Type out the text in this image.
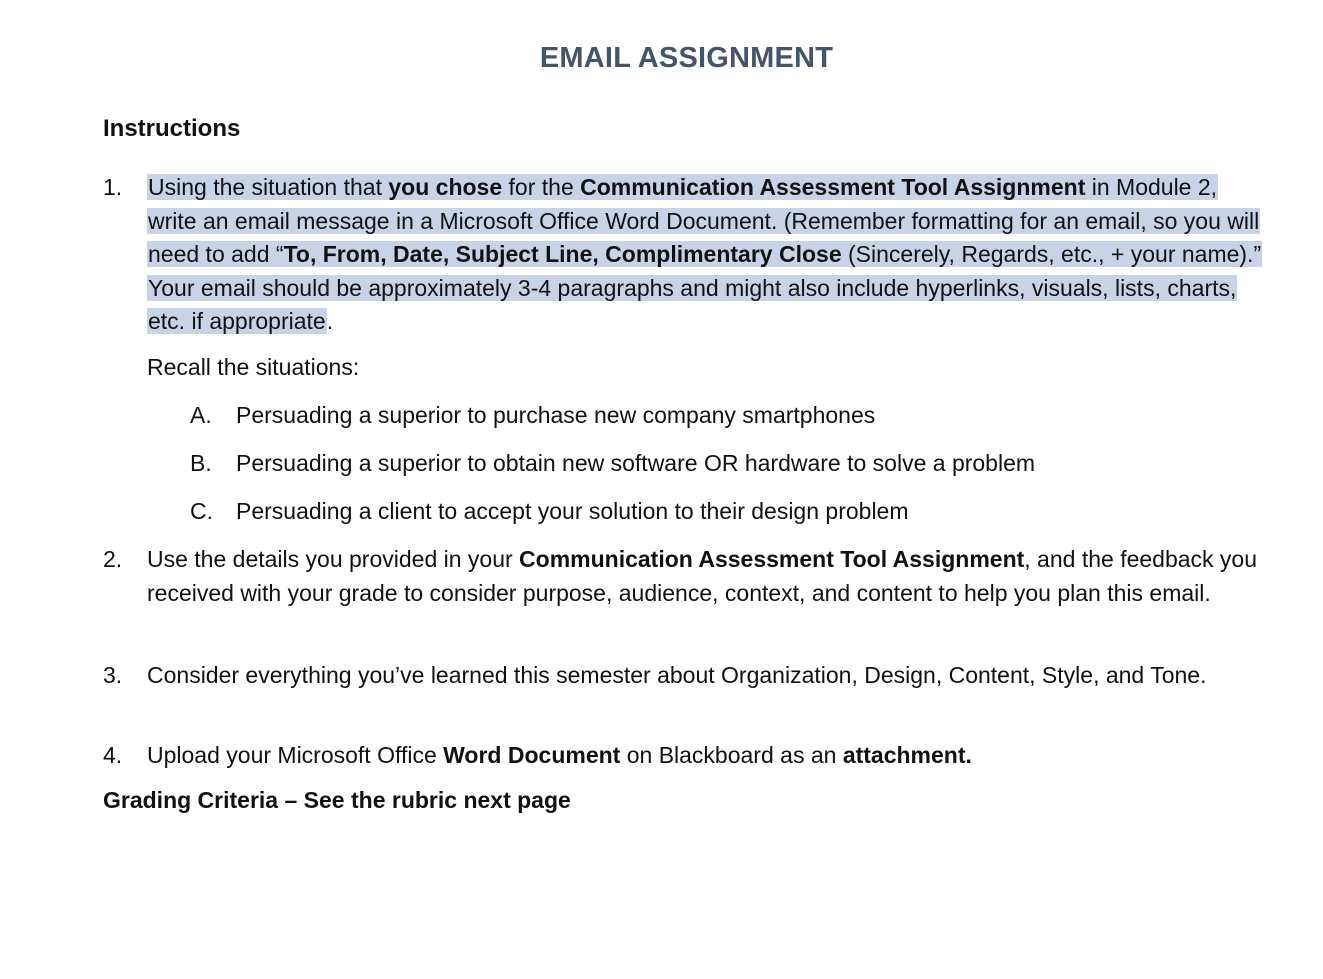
EMAIL ASSIGNMENT
Instructions
1. Using the situation that you chose for the Communication Assessment Tool Assignment in Module 2, write an email message in a Microsoft Office Word Document. (Remember formatting for an email, so you will need to add “To, From, Date, Subject Line, Complimentary Close (Sincerely, Regards, etc., + your name).” Your email should be approximately 3-4 paragraphs and might also include hyperlinks, visuals, lists, charts, etc. if appropriate.
Recall the situations:
A. Persuading a superior to purchase new company smartphones
B. Persuading a superior to obtain new software OR hardware to solve a problem
C. Persuading a client to accept your solution to their design problem
2. Use the details you provided in your Communication Assessment Tool Assignment, and the feedback you received with your grade to consider purpose, audience, context, and content to help you plan this email.
3. Consider everything you’ve learned this semester about Organization, Design, Content, Style, and Tone.
4. Upload your Microsoft Office Word Document on Blackboard as an attachment.
Grading Criteria – See the rubric next page
